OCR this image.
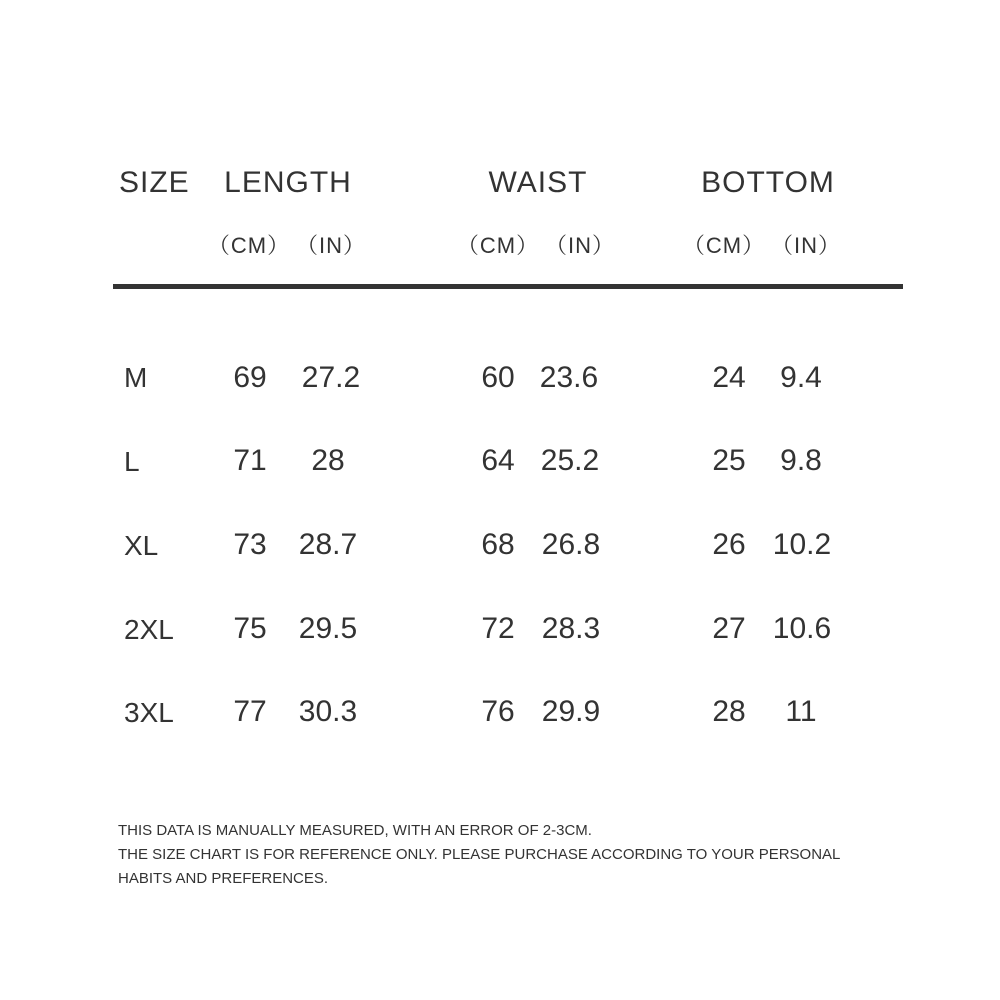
SIZE LENGTH	WAIST	BOTTOM
（CM） （IN）	（CM） （IN）	（CM） （IN）
M	69 27.2	60 23.6	24 9.4
L	71 28	64 25.2	25 9.8
XL	73 28.7	68 26.8	26 10.2
2XL 75 29.5	72 28.3	27 10.6
3XL 77 30.3	76 29.9	28 11
THIS DATA IS MANUALLY MEASURED, WITH AN ERROR OF 2-3CM.
THE SIZE CHART IS FOR REFERENCE ONLY. PLEASE PURCHASE ACCORDING TO YOUR PERSONAL
HABITS AND PREFERENCES.
